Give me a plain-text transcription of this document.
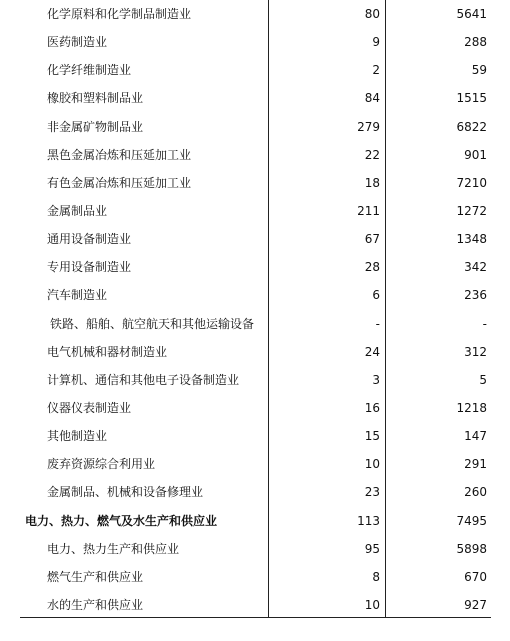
化学原料和化学制品制造业	80	5641
医药制造业	9	288
化学纤维制造业	2	59
橡胶和塑料制品业	84	1515
非金属矿物制品业	279	6822
黑色金属冶炼和压延加工业	22	901
有色金属冶炼和压延加工业	18	7210
金属制品业	211	1272
通用设备制造业	67	1348
专用设备制造业	28	342
汽车制造业	6	236
铁路、船舶、航空航天和其他运输设备	-	-
电气机械和器材制造业	24	312
计算机、通信和其他电子设备制造业	3	5
仪器仪表制造业	16	1218
其他制造业	15	147
废弃资源综合利用业	10	291
金属制品、机械和设备修理业	23	260
电力、热力、燃气及水生产和供应业	113	7495
电力、热力生产和供应业	95	5898
燃气生产和供应业	8	670
水的生产和供应业	10	927
